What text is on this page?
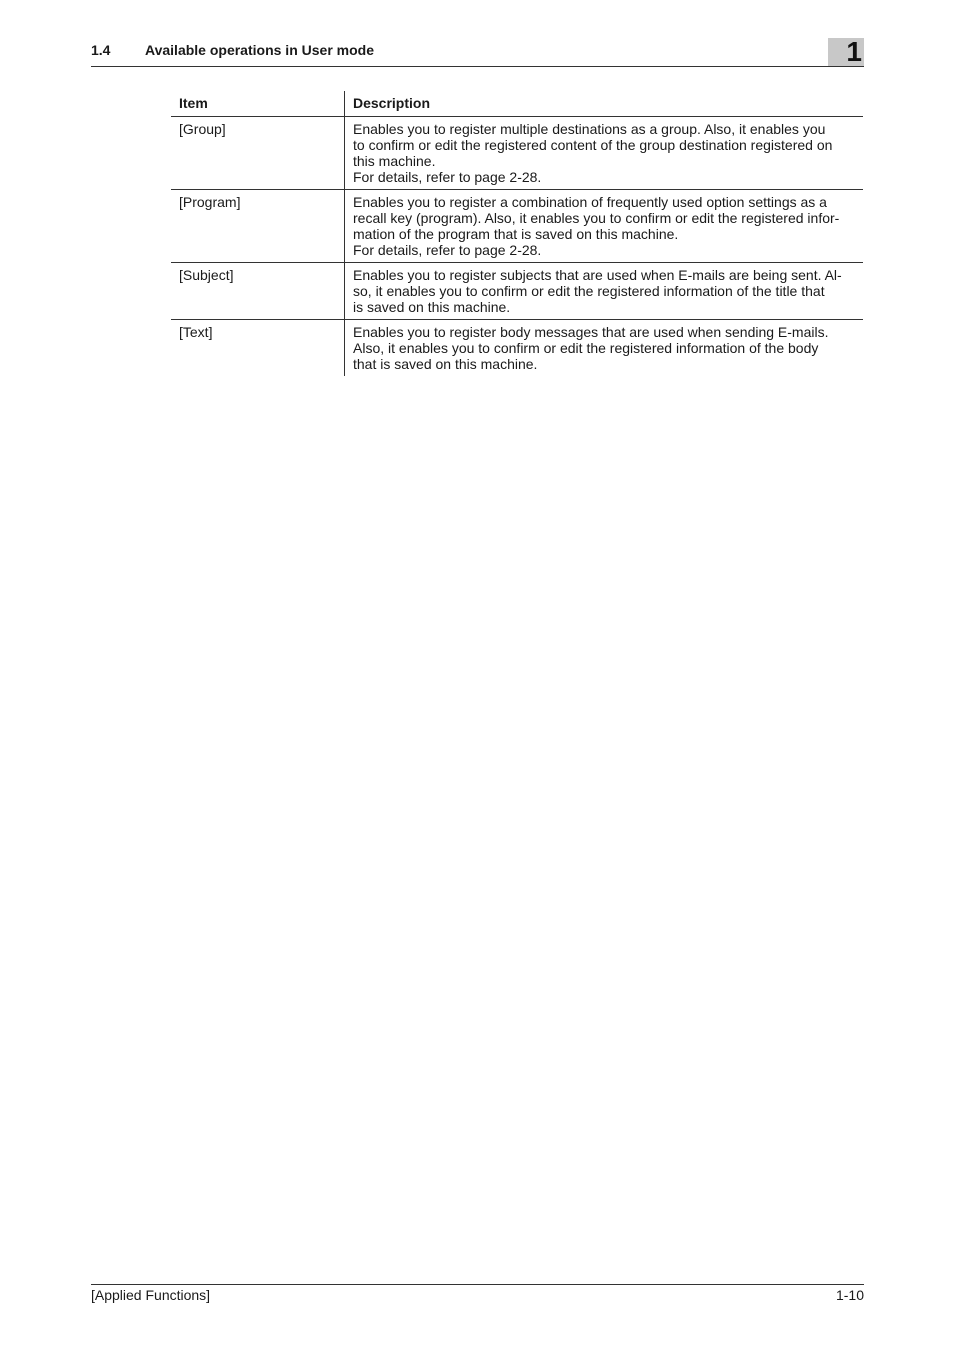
1.4 Available operations in User mode	1
Item	Description
[Group]	Enables you to register multiple destinations as a group. Also, it enables you
to confirm or edit the registered content of the group destination registered on
this machine.
For details, refer to page 2-28.

[Program]	Enables you to register a combination of frequently used option settings as a
recall key (program). Also, it enables you to confirm or edit the registered infor-
mation of the program that is saved on this machine.
For details, refer to page 2-28.

[Subject]	Enables you to register subjects that are used when E-mails are being sent. Al-
so, it enables you to confirm or edit the registered information of the title that
is saved on this machine.

[Text]	Enables you to register body messages that are used when sending E-mails.
Also, it enables you to confirm or edit the registered information of the body
that is saved on this machine.
[Applied Functions]	1-10
